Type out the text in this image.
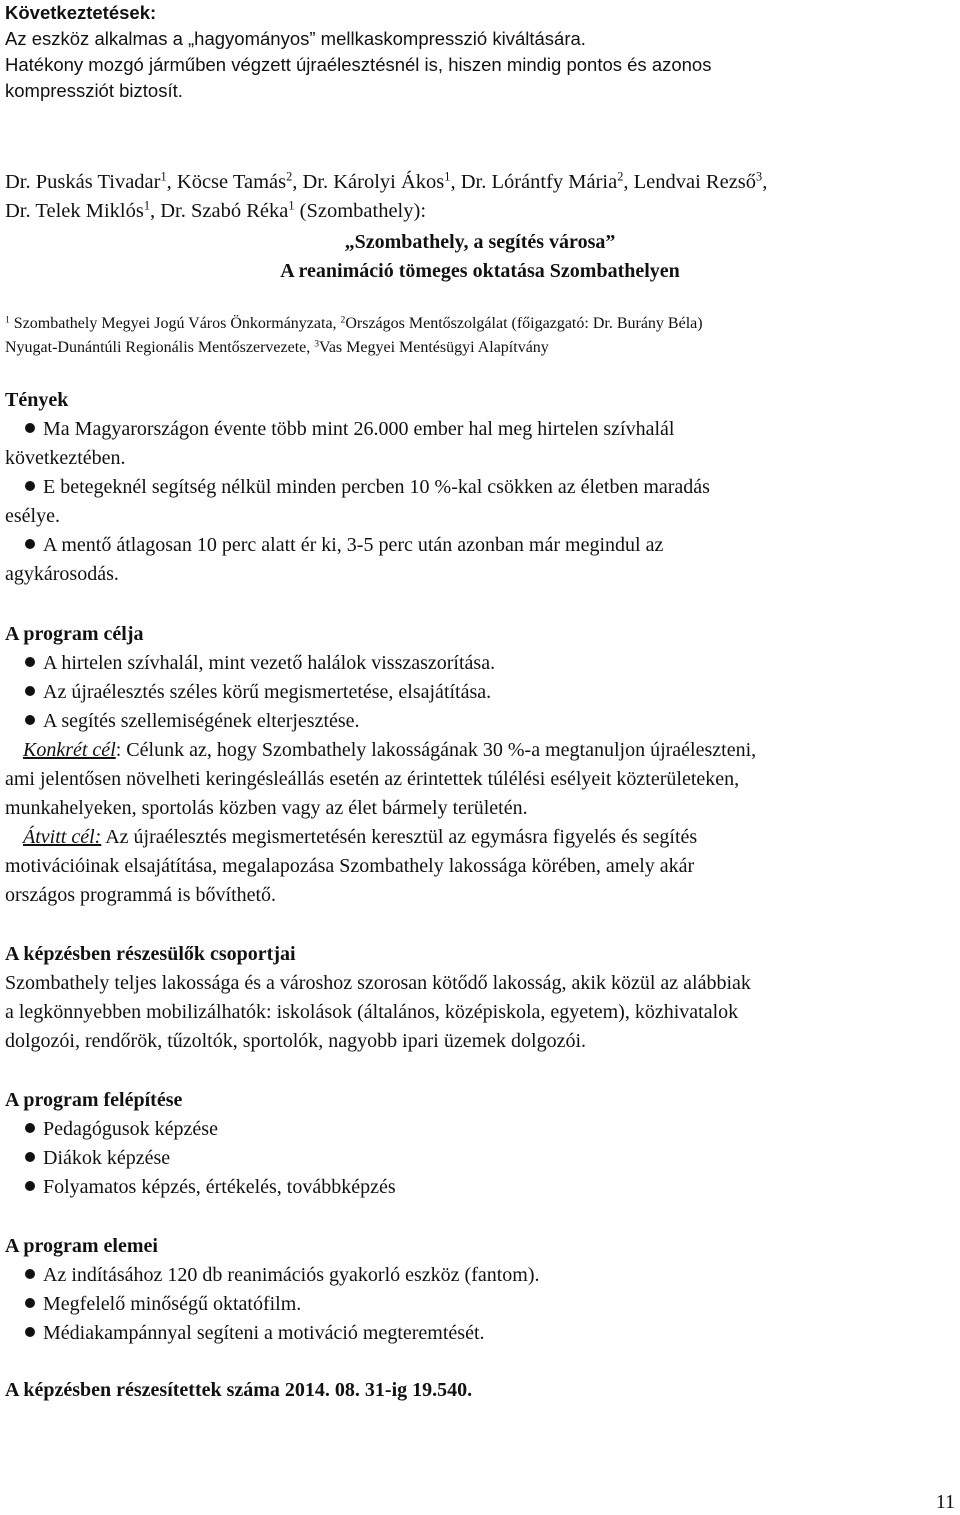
Következtetések:

Az eszköz alkalmas a „hagyományos” mellkaskompresszió kiváltására.

Hatékony mozgó járműben végzett újraélesztésnél is, hiszen mindig pontos és azonos

kompressziót biztosít.

Dr. Puskás Tivadar$^1$, Köcse Tamás$^2$, Dr. Károlyi Ákos$^1$, Dr. Lórántfy Mária$^2$, Lendvai Rezső$^3$,

Dr. Telek Miklós$^1$, Dr. Szabó Réka$^1$ (Szombathely):

„Szombathely, a segítés városa”

A reanimáció tömeges oktatása Szombathelyen

$^1$ Szombathely Megyei Jogú Város Önkormányzata, $^2$Országos Mentőszolgálat (főigazgató: Dr. Burány Béla)

Nyugat-Dunántúli Regionális Mentőszervezete, $^3$Vas Megyei Mentésügyi Alapítvány

Tények

Ma Magyarországon évente több mint 26.000 ember hal meg hirtelen szívhalál

következtében.

E betegeknél segítség nélkül minden percben 10 %-kal csökken az életben maradás

esélye.

A mentő átlagosan 10 perc alatt ér ki, 3-5 perc után azonban már megindul az

agykárosodás.

A program célja

A hirtelen szívhalál, mint vezető halálok visszaszorítása.

Az újraélesztés széles körű megismertetése, elsajátítása.

A segítés szellemiségének elterjesztése.

Konkrét cél: Célunk az, hogy Szombathely lakosságának 30 %-a megtanuljon újraéleszteni,

ami jelentősen növelheti keringésleállás esetén az érintettek túlélési esélyeit közterületeken,

munkahelyeken, sportolás közben vagy az élet bármely területén.

Átvitt cél: Az újraélesztés megismertetésén keresztül az egymásra figyelés és segítés

motivációinak elsajátítása, megalapozása Szombathely lakossága körében, amely akár

országos programmá is bővíthető.

A képzésben részesülők csoportjai

Szombathely teljes lakossága és a városhoz szorosan kötődő lakosság, akik közül az alábbiak

a legkönnyebben mobilizálhatók: iskolások (általános, középiskola, egyetem), közhivatalok

dolgozói, rendőrök, tűzoltók, sportolók, nagyobb ipari üzemek dolgozói.

A program felépítése

Pedagógusok képzése

Diákok képzése

Folyamatos képzés, értékelés, továbbképzés

A program elemei

Az indításához 120 db reanimációs gyakorló eszköz (fantom).

Megfelelő minőségű oktatófilm.

Médiakampánnyal segíteni a motiváció megteremtését.

A képzésben részesítettek száma 2014. 08. 31-ig 19.540.

11
